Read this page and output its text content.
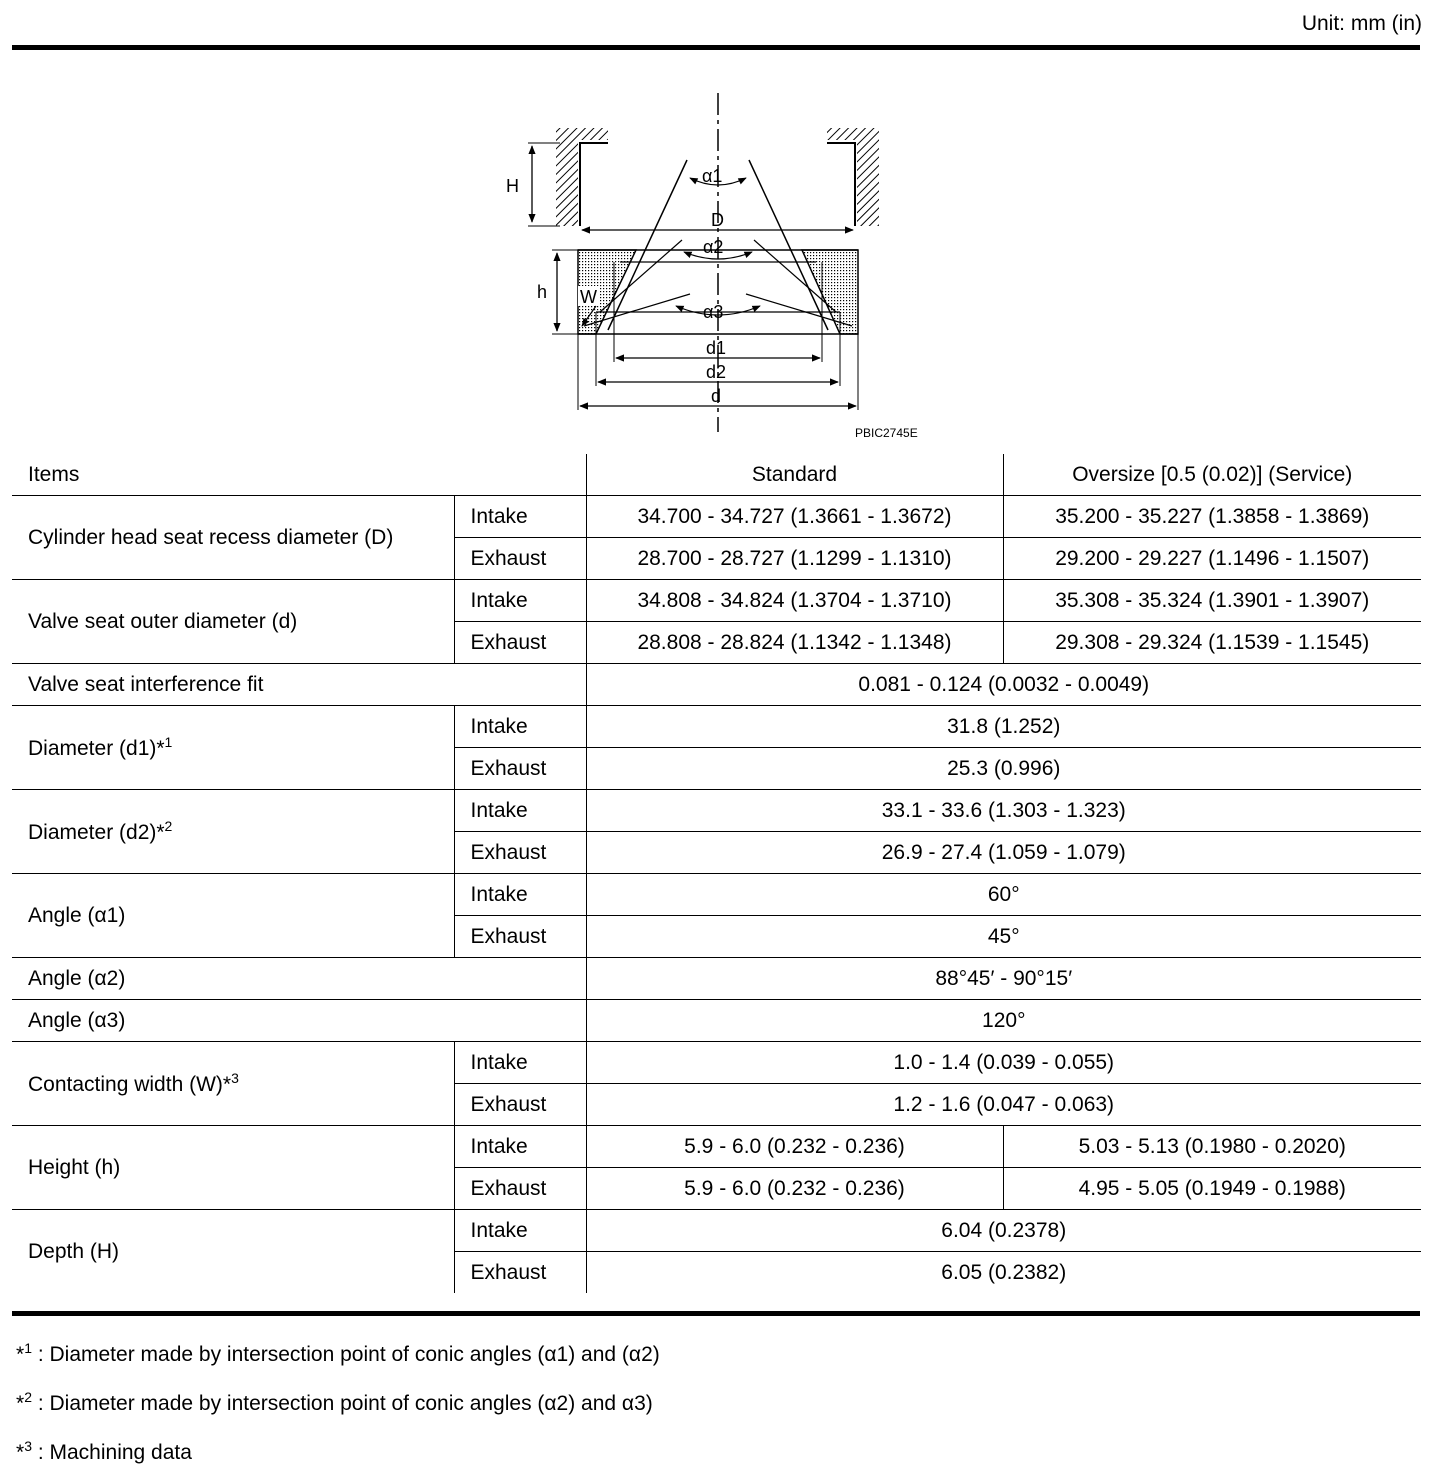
Unit: mm (in)
H
D
α1
α2
α3
h W
d1
d2
d
PBIC2745E
Items		Standard	Oversize [0.5 (0.02)] (Service)
Cylinder head seat recess diameter (D)	Intake	34.700 - 34.727 (1.3661 - 1.3672)	35.200 - 35.227 (1.3858 - 1.3869)
	Exhaust	28.700 - 28.727 (1.1299 - 1.1310)	29.200 - 29.227 (1.1496 - 1.1507)
Valve seat outer diameter (d)	Intake	34.808 - 34.824 (1.3704 - 1.3710)	35.308 - 35.324 (1.3901 - 1.3907)
	Exhaust	28.808 - 28.824 (1.1342 - 1.1348)	29.308 - 29.324 (1.1539 - 1.1545)
Valve seat interference fit		0.081 - 0.124 (0.0032 - 0.0049)	
Diameter (d1)*$^1$	Intake	31.8 (1.252)	
	Exhaust	25.3 (0.996)	
Diameter (d2)*$^2$	Intake	33.1 - 33.6 (1.303 - 1.323)	
	Exhaust	26.9 - 27.4 (1.059 - 1.079)	
Angle (α1)	Intake	60°	
	Exhaust	45°	
Angle (α2)		88°45′ - 90°15′	
Angle (α3)		120°	
Contacting width (W)*$^3$	Intake	1.0 - 1.4 (0.039 - 0.055)	
	Exhaust	1.2 - 1.6 (0.047 - 0.063)	
Height (h)	Intake	5.9 - 6.0 (0.232 - 0.236)	5.03 - 5.13 (0.1980 - 0.2020)
	Exhaust	5.9 - 6.0 (0.232 - 0.236)	4.95 - 5.05 (0.1949 - 0.1988)
Depth (H)	Intake	6.04 (0.2378)	
	Exhaust	6.05 (0.2382)	
*$^1$ : Diameter made by intersection point of conic angles (α1) and (α2)
*$^2$ : Diameter made by intersection point of conic angles (α2) and α3)
*$^3$ : Machining data
